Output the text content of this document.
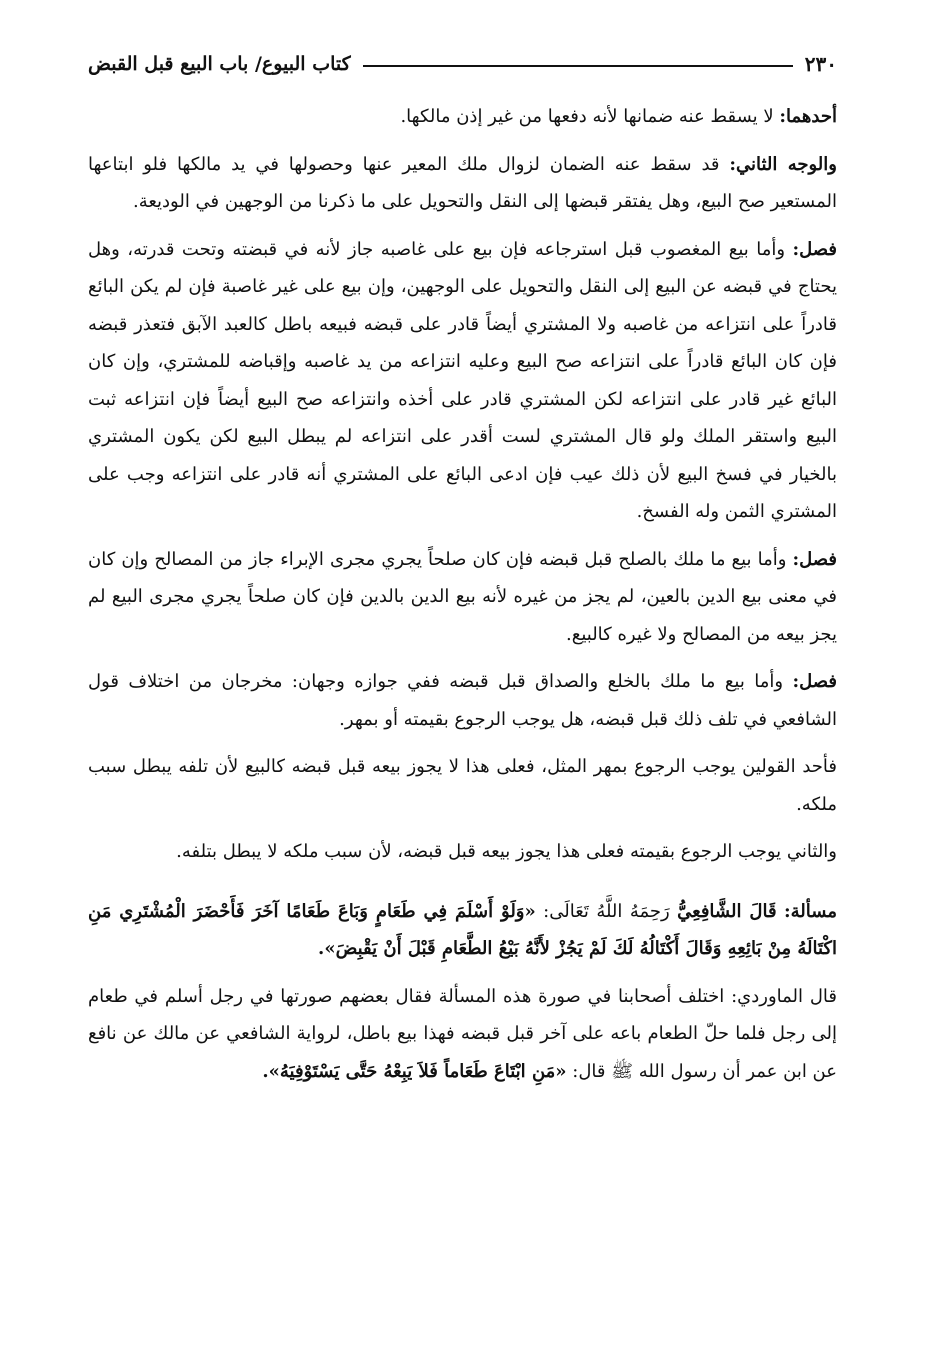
٢٣٠
كتاب البيوع/ باب البيع قبل القبض

أحدهما: لا يسقط عنه ضمانها لأنه دفعها من غير إذن مالكها.

والوجه الثاني: قد سقط عنه الضمان لزوال ملك المعير عنها وحصولها في يد مالكها فلو ابتاعها المستعير صح البيع، وهل يفتقر قبضها إلى النقل والتحويل على ما ذكرنا من الوجهين في الوديعة.

فصل: وأما بيع المغصوب قبل استرجاعه فإن بيع على غاصبه جاز لأنه في قبضته وتحت قدرته، وهل يحتاج في قبضه عن البيع إلى النقل والتحويل على الوجهين، وإن بيع على غير غاصبة فإن لم يكن البائع قادراً على انتزاعه من غاصبه ولا المشتري أيضاً قادر على قبضه فبيعه باطل كالعبد الآبق فتعذر قبضه فإن كان البائع قادراً على انتزاعه صح البيع وعليه انتزاعه من يد غاصبه وإقباضه للمشتري، وإن كان البائع غير قادر على انتزاعه لكن المشتري قادر على أخذه وانتزاعه صح البيع أيضاً فإن انتزاعه ثبت البيع واستقر الملك ولو قال المشتري لست أقدر على انتزاعه لم يبطل البيع لكن يكون المشتري بالخيار في فسخ البيع لأن ذلك عيب فإن ادعى البائع على المشتري أنه قادر على انتزاعه وجب على المشتري الثمن وله الفسخ.

فصل: وأما بيع ما ملك بالصلح قبل قبضه فإن كان صلحاً يجري مجرى الإبراء جاز من المصالح وإن كان في معنى بيع الدين بالعين، لم يجز من غيره لأنه بيع الدين بالدين فإن كان صلحاً يجري مجرى البيع لم يجز بيعه من المصالح ولا غيره كالبيع.

فصل: وأما بيع ما ملك بالخلع والصداق قبل قبضه ففي جوازه وجهان: مخرجان من اختلاف قول الشافعي في تلف ذلك قبل قبضه، هل يوجب الرجوع بقيمته أو بمهر.

فأحد القولين يوجب الرجوع بمهر المثل، فعلى هذا لا يجوز بيعه قبل قبضه كالبيع لأن تلفه يبطل سبب ملكه.

والثاني يوجب الرجوع بقيمته فعلى هذا يجوز بيعه قبل قبضه، لأن سبب ملكه لا يبطل بتلفه.

مسألة: قَالَ الشَّافِعِيُّ رَحِمَهُ اللَّهُ تَعَالَى: «وَلَوْ أَسْلَمَ فِي طَعَامٍ وَبَاعَ طَعَامًا آخَرَ فَأَحْضَرَ الْمُشْتَرِي مَنِ اكْتَالَهُ مِنْ بَائِعِهِ وَقَالَ أَكْتَالُهُ لَكَ لَمْ يَجُزْ لأَنَّهُ بَيْعُ الطَّعَامِ قَبْلَ أَنْ يَقْبِضَ».

قال الماوردي: اختلف أصحابنا في صورة هذه المسألة فقال بعضهم صورتها في رجل أسلم في طعام إلى رجل فلما حلّ الطعام باعه على آخر قبل قبضه فهذا بيع باطل، لرواية الشافعي عن مالك عن نافع عن ابن عمر أن رسول الله ﷺ قال: «مَنِ ابْتَاعَ طَعَاماً فَلاَ يَبِعْهُ حَتَّى يَسْتَوْفِيَهُ».
